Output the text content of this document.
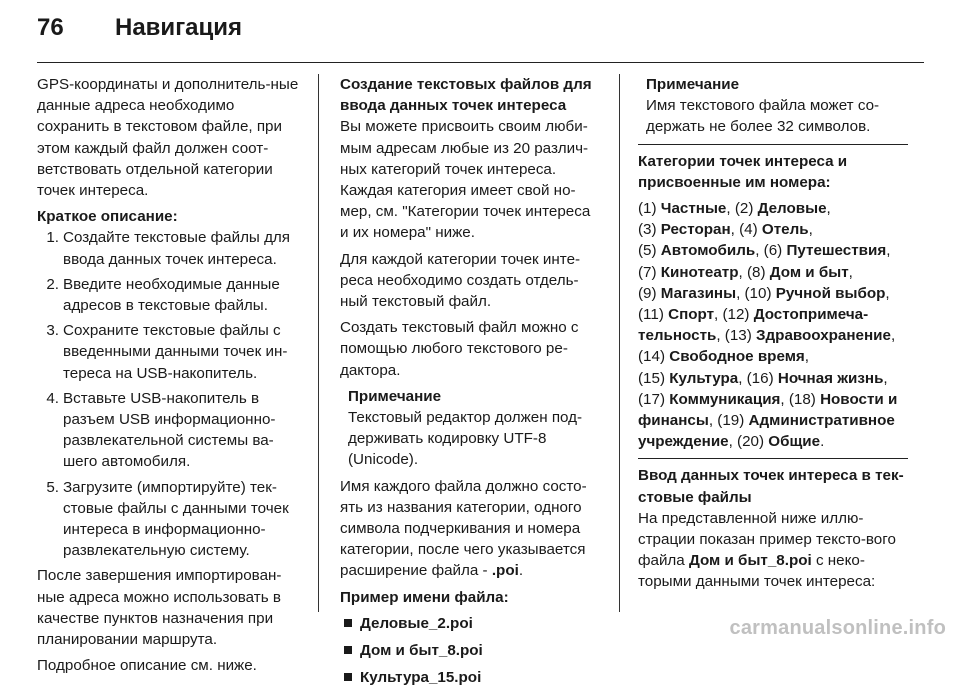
76	Навигация

GPS-координаты и дополнитель-ные данные адреса необходимо сохранить в текстовом файле, при этом каждый файл должен соот-ветствовать отдельной категории точек интереса.

Краткое описание:

1. Создайте текстовые файлы для ввода данных точек интереса.
2. Введите необходимые данные адресов в текстовые файлы.
3. Сохраните текстовые файлы с введенными данными точек ин-тереса на USB-накопитель.
4. Вставьте USB-накопитель в разъем USB информационно-развлекательной системы ва-шего автомобиля.
5. Загрузите (импортируйте) тек-стовые файлы с данными точек интереса в информационно-развлекательную систему.

После завершения импортирован-ные адреса можно использовать в качестве пунктов назначения при планировании маршрута.

Подробное описание см. ниже.

Создание текстовых файлов для ввода данных точек интереса

Вы можете присвоить своим люби-мым адресам любые из 20 различ-ных категорий точек интереса. Каждая категория имеет свой но-мер, см. "Категории точек интереса и их номера" ниже.

Для каждой категории точек инте-реса необходимо создать отдель-ный текстовый файл.

Создать текстовый файл можно с помощью любого текстового ре-дактора.

Примечание

Текстовый редактор должен под-держивать кодировку UTF-8 (Unicode).

Имя каждого файла должно состо-ять из названия категории, одного символа подчеркивания и номера категории, после чего указывается расширение файла - .poi.

Пример имени файла:

Деловые_2.poi
Дом и быт_8.poi
Культура_15.poi

Примечание

Имя текстового файла может со-держать не более 32 символов.

Категории точек интереса и присвоенные им номера:

(1) Частные, (2) Деловые,

(3) Ресторан, (4) Отель,

(5) Автомобиль, (6) Путешествия,

(7) Кинотеатр, (8) Дом и быт,

(9) Магазины, (10) Ручной выбор,

(11) Спорт, (12) Достопримеча-

тельность, (13) Здравоохранение,

(14) Свободное время,

(15) Культура, (16) Ночная жизнь,

(17) Коммуникация, (18) Новости и

финансы, (19) Административное

учреждение, (20) Общие.

Ввод данных точек интереса в тек-стовые файлы

На представленной ниже иллю-страции показан пример тексто-вого файла Дом и быт_8.poi с неко-торыми данными точек интереса:

carmanualsonline.info
